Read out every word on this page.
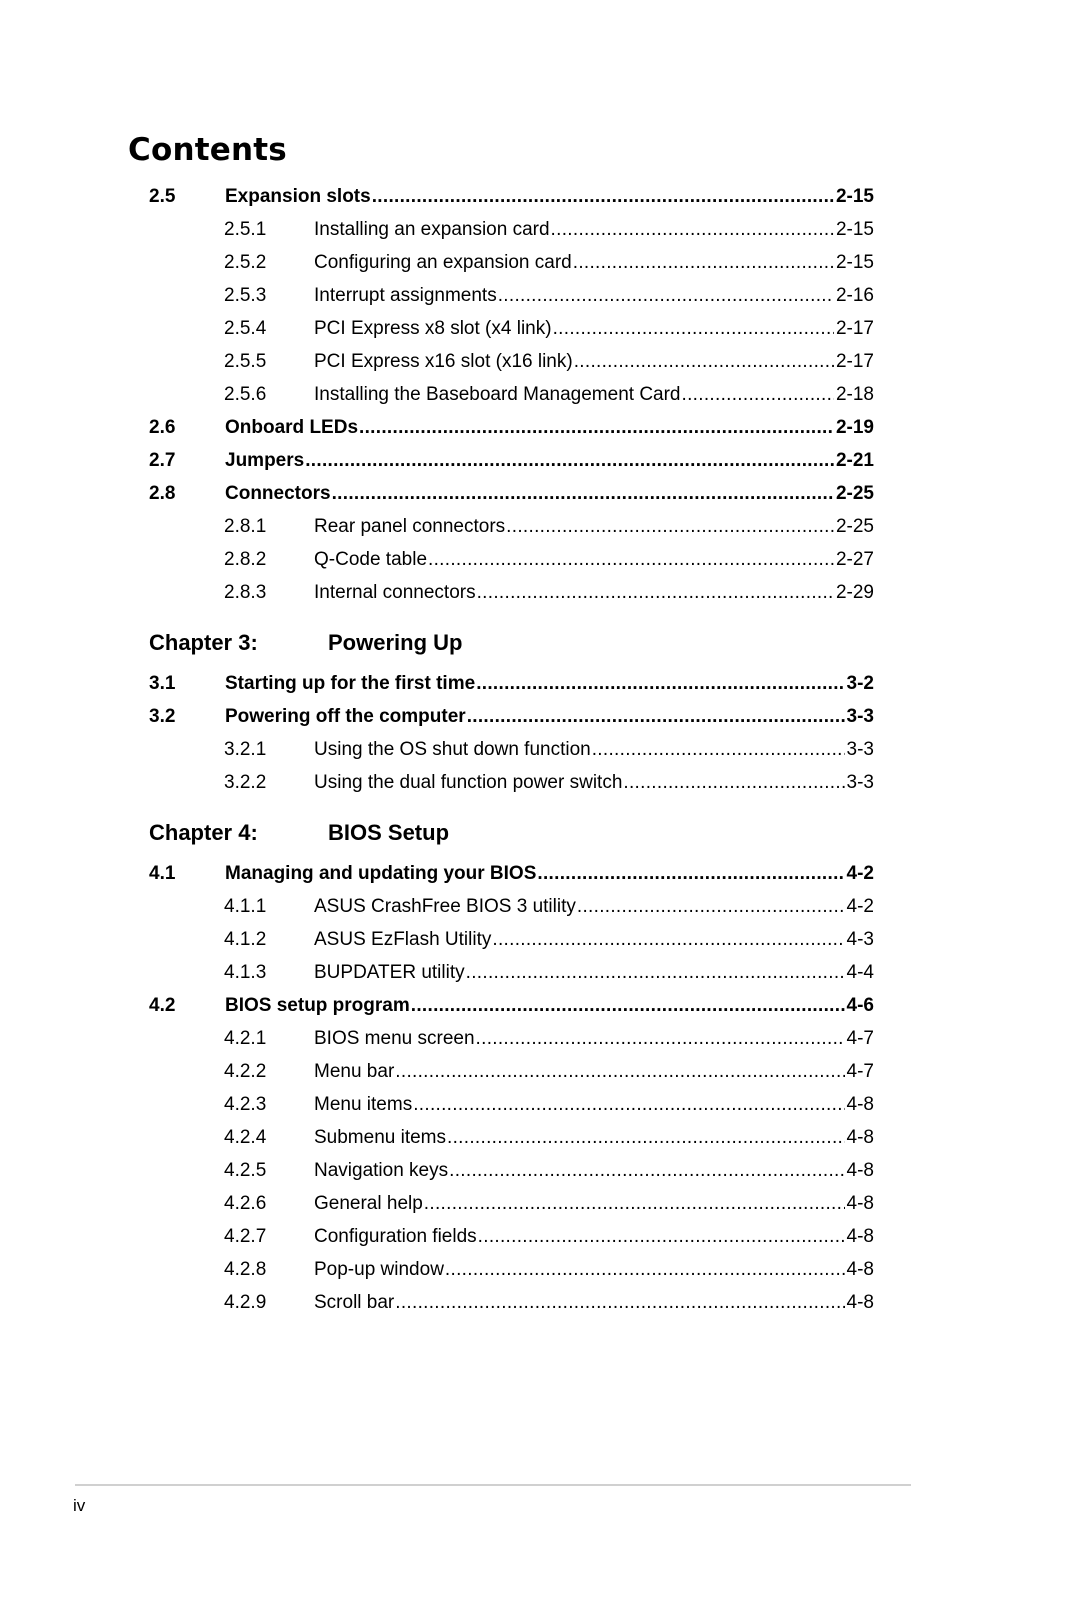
Contents
2.5	Expansion slots .....	2-15
2.5.1	Installing an expansion card .....	2-15
2.5.2	Configuring an expansion card .....	2-15
2.5.3	Interrupt assignments .....	2-16
2.5.4	PCI Express x8 slot (x4 link) .....	2-17
2.5.5	PCI Express x16 slot (x16 link) .....	2-17
2.5.6	Installing the Baseboard Management Card .....	2-18
2.6	Onboard LEDs .....	2-19
2.7	Jumpers .....	2-21
2.8	Connectors .....	2-25
2.8.1	Rear panel connectors .....	2-25
2.8.2	Q-Code table .....	2-27
2.8.3	Internal connectors .....	2-29
Chapter 3:	Powering Up
3.1	Starting up for the first time .....	3-2
3.2	Powering off the computer .....	3-3
3.2.1	Using the OS shut down function .....	3-3
3.2.2	Using the dual function power switch .....	3-3
Chapter 4:	BIOS Setup
4.1	Managing and updating your BIOS .....	4-2
4.1.1	ASUS CrashFree BIOS 3 utility .....	4-2
4.1.2	ASUS EzFlash Utility .....	4-3
4.1.3	BUPDATER utility .....	4-4
4.2	BIOS setup program .....	4-6
4.2.1	BIOS menu screen .....	4-7
4.2.2	Menu bar .....	4-7
4.2.3	Menu items .....	4-8
4.2.4	Submenu items .....	4-8
4.2.5	Navigation keys .....	4-8
4.2.6	General help .....	4-8
4.2.7	Configuration fields .....	4-8
4.2.8	Pop-up window .....	4-8
4.2.9	Scroll bar .....	4-8
iv
